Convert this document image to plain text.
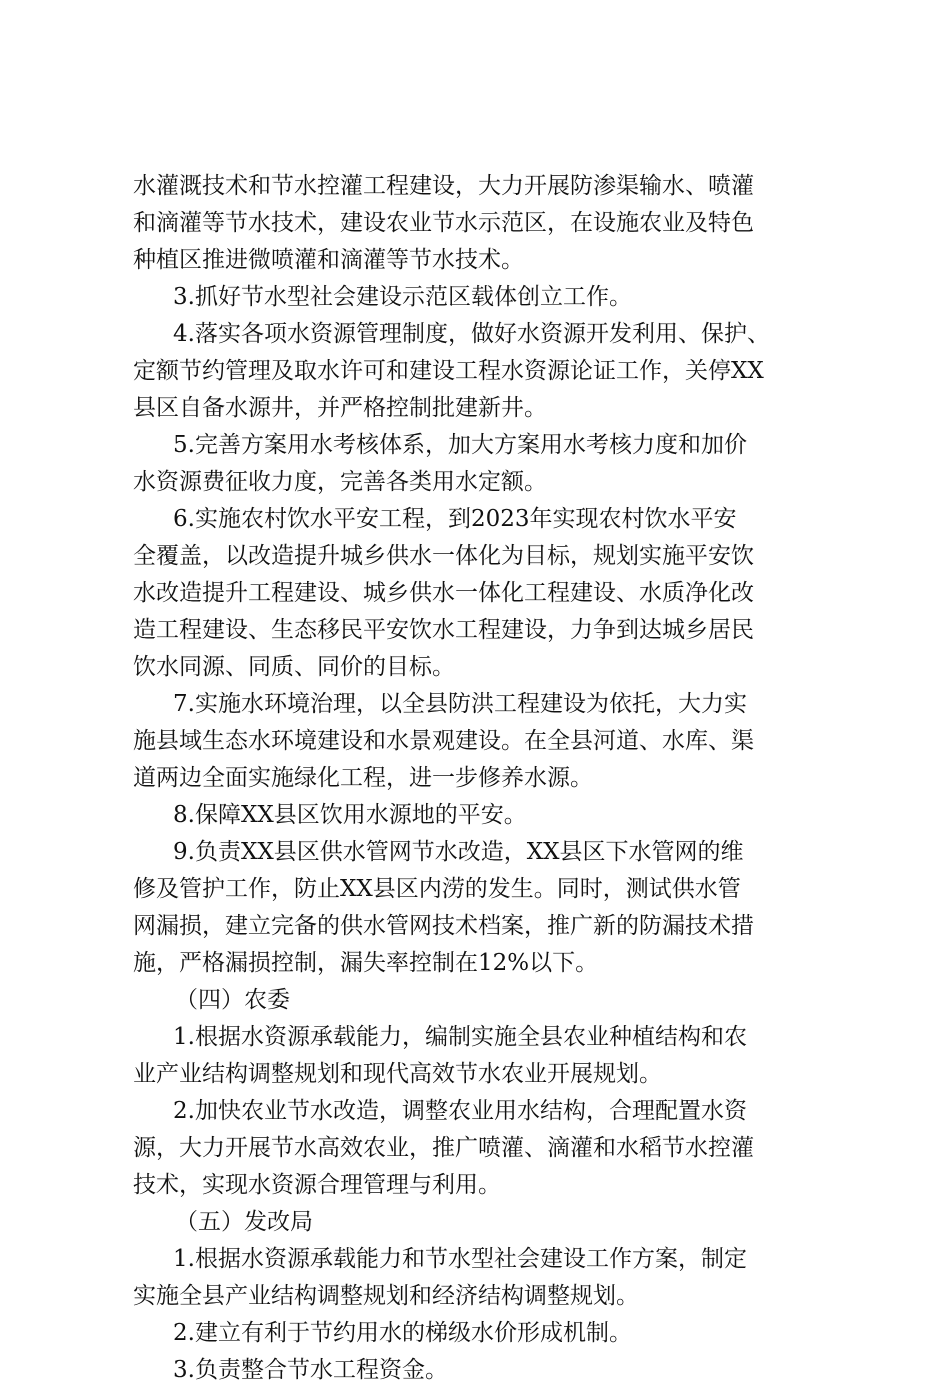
水灌溉技术和节水控灌工程建设，大力开展防渗渠输水、喷灌
和滴灌等节水技术，建设农业节水示范区，在设施农业及特色
种植区推进微喷灌和滴灌等节水技术。
3.抓好节水型社会建设示范区载体创立工作。
4.落实各项水资源管理制度，做好水资源开发利用、保护、
定额节约管理及取水许可和建设工程水资源论证工作，关停XX
县区自备水源井，并严格控制批建新井。
5.完善方案用水考核体系，加大方案用水考核力度和加价
水资源费征收力度，完善各类用水定额。
6.实施农村饮水平安工程，到2023年实现农村饮水平安
全覆盖，以改造提升城乡供水一体化为目标，规划实施平安饮
水改造提升工程建设、城乡供水一体化工程建设、水质净化改
造工程建设、生态移民平安饮水工程建设，力争到达城乡居民
饮水同源、同质、同价的目标。
7.实施水环境治理，以全县防洪工程建设为依托，大力实
施县域生态水环境建设和水景观建设。在全县河道、水库、渠
道两边全面实施绿化工程，进一步修养水源。
8.保障XX县区饮用水源地的平安。
9.负责XX县区供水管网节水改造，XX县区下水管网的维
修及管护工作，防止XX县区内涝的发生。同时，测试供水管
网漏损，建立完备的供水管网技术档案，推广新的防漏技术措
施，严格漏损控制，漏失率控制在12%以下。
（四）农委
1.根据水资源承载能力，编制实施全县农业种植结构和农
业产业结构调整规划和现代高效节水农业开展规划。
2.加快农业节水改造，调整农业用水结构，合理配置水资
源，大力开展节水高效农业，推广喷灌、滴灌和水稻节水控灌
技术，实现水资源合理管理与利用。
（五）发改局
1.根据水资源承载能力和节水型社会建设工作方案，制定
实施全县产业结构调整规划和经济结构调整规划。
2.建立有利于节约用水的梯级水价形成机制。
3.负责整合节水工程资金。
